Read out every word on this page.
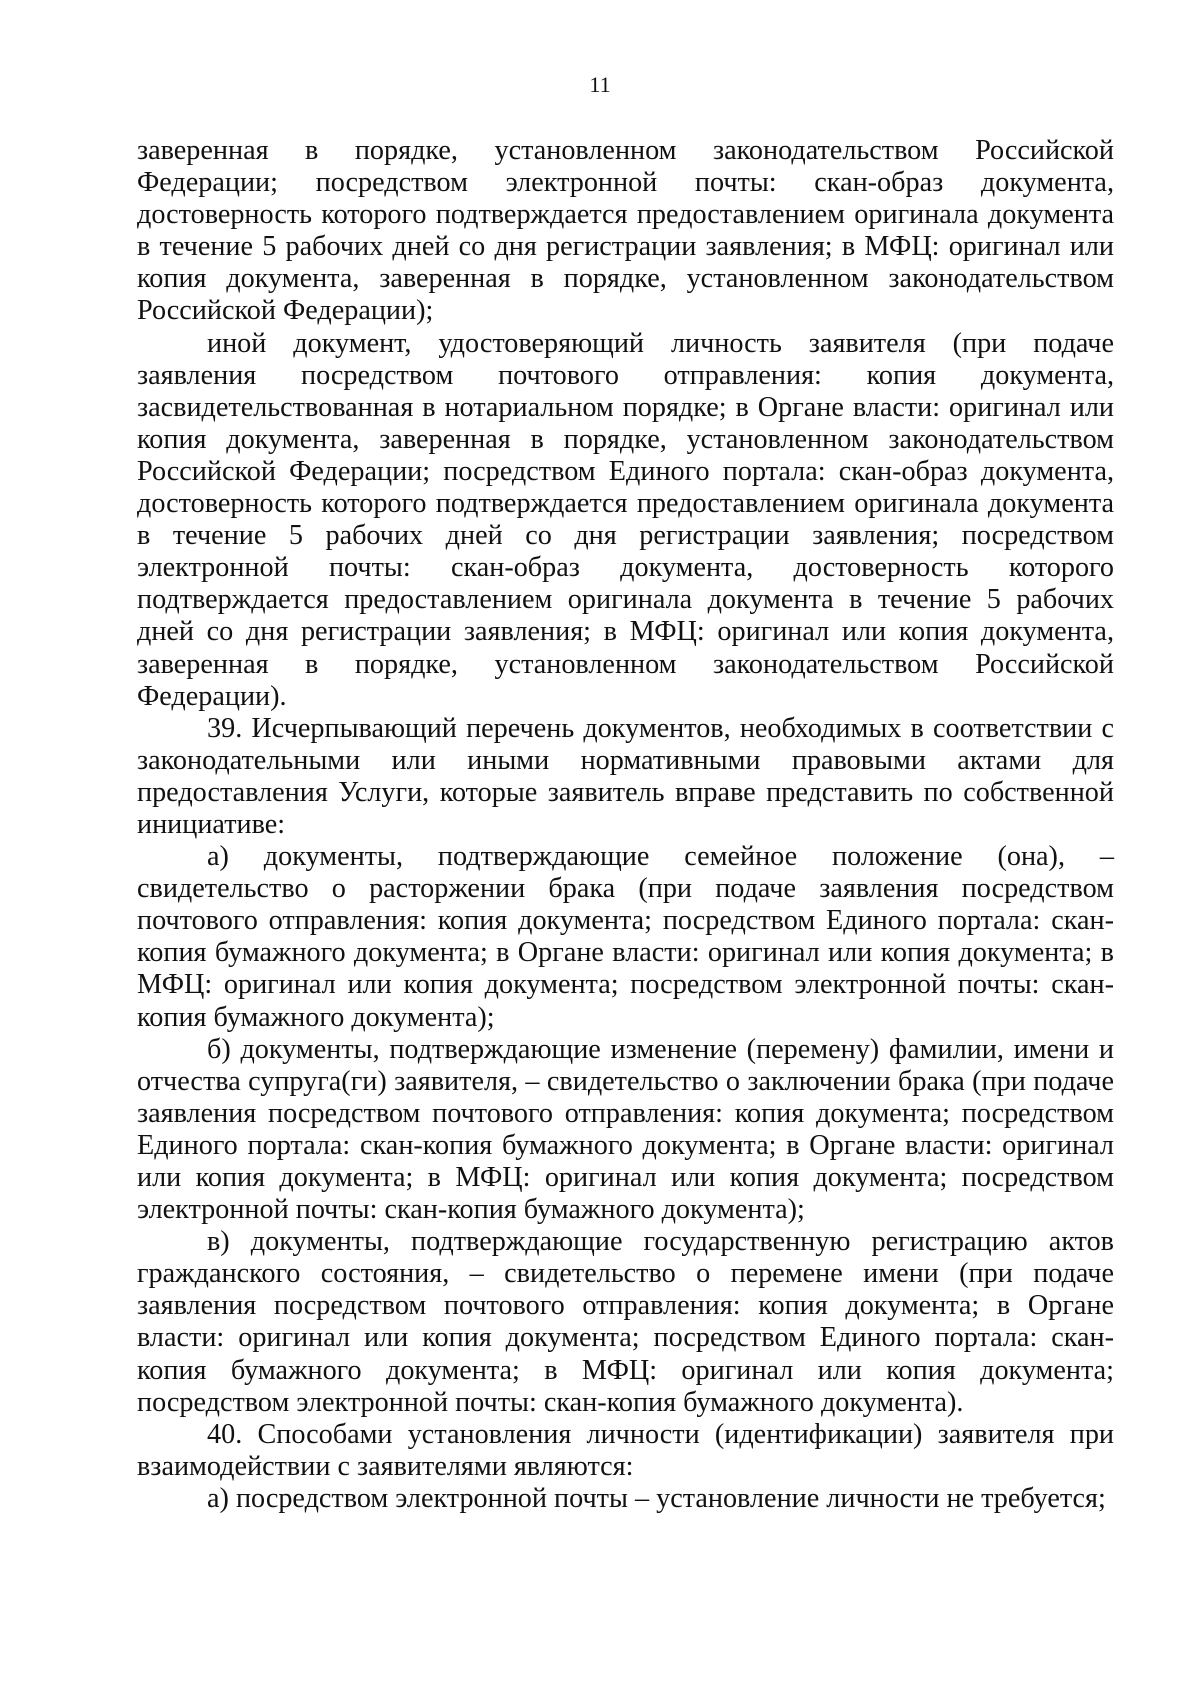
11

заверенная в порядке, установленном законодательством Российской Федерации; посредством электронной почты: скан-образ документа, достоверность которого подтверждается предоставлением оригинала документа в течение 5 рабочих дней со дня регистрации заявления; в МФЦ: оригинал или копия документа, заверенная в порядке, установленном законодательством Российской Федерации);

иной документ, удостоверяющий личность заявителя (при подаче заявления посредством почтового отправления: копия документа, засвидетельствованная в нотариальном порядке; в Органе власти: оригинал или копия документа, заверенная в порядке, установленном законодательством Российской Федерации; посредством Единого портала: скан-образ документа, достоверность которого подтверждается предоставлением оригинала документа в течение 5 рабочих дней со дня регистрации заявления; посредством электронной почты: скан-образ документа, достоверность которого подтверждается предоставлением оригинала документа в течение 5 рабочих дней со дня регистрации заявления; в МФЦ: оригинал или копия документа, заверенная в порядке, установленном законодательством Российской Федерации).

39. Исчерпывающий перечень документов, необходимых в соответствии с законодательными или иными нормативными правовыми актами для предоставления Услуги, которые заявитель вправе представить по собственной инициативе:

а) документы, подтверждающие семейное положение (она), – свидетельство о расторжении брака (при подаче заявления посредством почтового отправления: копия документа; посредством Единого портала: скан-копия бумажного документа; в Органе власти: оригинал или копия документа; в МФЦ: оригинал или копия документа; посредством электронной почты: скан-копия бумажного документа);

б) документы, подтверждающие изменение (перемену) фамилии, имени и отчества супруга(ги) заявителя, – свидетельство о заключении брака (при подаче заявления посредством почтового отправления: копия документа; посредством Единого портала: скан-копия бумажного документа; в Органе власти: оригинал или копия документа; в МФЦ: оригинал или копия документа; посредством электронной почты: скан-копия бумажного документа);

в) документы, подтверждающие государственную регистрацию актов гражданского состояния, – свидетельство о перемене имени (при подаче заявления посредством почтового отправления: копия документа; в Органе власти: оригинал или копия документа; посредством Единого портала: скан-копия бумажного документа; в МФЦ: оригинал или копия документа; посредством электронной почты: скан-копия бумажного документа).

40. Способами установления личности (идентификации) заявителя при взаимодействии с заявителями являются:

а) посредством электронной почты – установление личности не требуется;
